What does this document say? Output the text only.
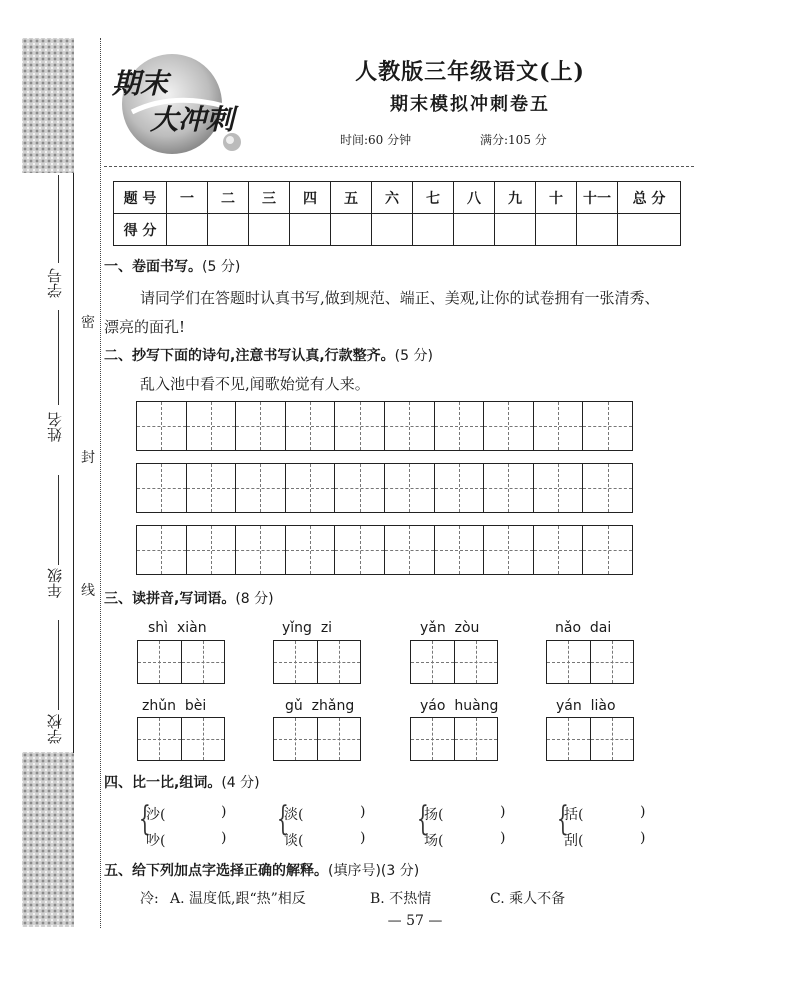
学号
姓名
年级
学校
密
封
线
期末
大冲刺
人教版三年级语文(上)
期末模拟冲刺卷五
时间:60 分钟	满分:105 分
题 号	一	二	三	四	五	六	七	八	九	十	十一	总 分
得 分												
一、卷面书写。(5 分)
请同学们在答题时认真书写,做到规范、端正、美观,让你的试卷拥有一张清秀、
漂亮的面孔!
二、抄写下面的诗句,注意书写认真,行款整齐。(5 分)
乱入池中看不见,闻歌始觉有人来。
三、读拼音,写词语。(8 分)
shì  xiàn	yǐng  zi	yǎn  zòu	nǎo  dai
zhǔn  bèi	gǔ  zhǎng	yáo  huàng	yán  liào
四、比一比,组词。(4 分)
{
沙(	)
吵(	) {
淡(	)
谈(	) {
扬(	)
场(	) {
括(	)
刮(	)
五、给下列加点字选择正确的解释。(填序号)(3 分)
冷: A. 温度低,跟“热”相反	B. 不热情	C. 乘人不备
— 57 —
